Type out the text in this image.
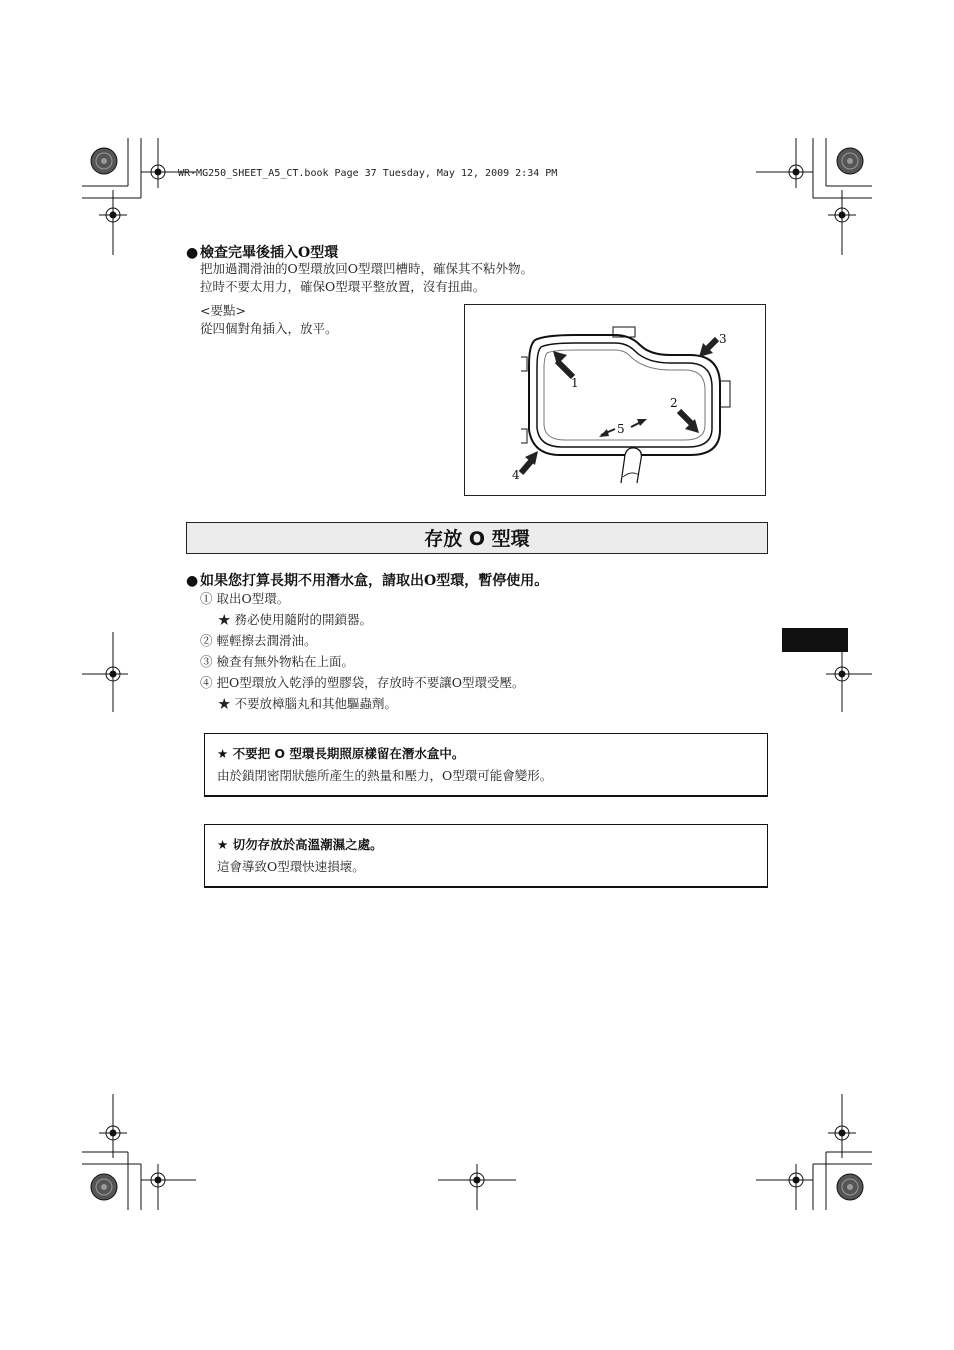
WR-MG250_SHEET_A5_CT.book Page 37 Tuesday, May 12, 2009 2:34 PM
● 檢查完畢後插入O型環
把加過潤滑油的O型環放回O型環凹槽時，確保其不粘外物。
拉時不要太用力，確保O型環平整放置，沒有扭曲。
<要點>
從四個對角插入，放平。
1
2
3
4
5
存放 O 型環
● 如果您打算長期不用潛水盒，請取出O型環，暫停使用。
① 取出O型環。
★ 務必使用隨附的開鎖器。
② 輕輕擦去潤滑油。
③ 檢查有無外物粘在上面。
④ 把O型環放入乾淨的塑膠袋，存放時不要讓O型環受壓。
★ 不要放樟腦丸和其他驅蟲劑。
★ 不要把 O 型環長期照原樣留在潛水盒中。
由於鎖閉密閉狀態所產生的熱量和壓力，O型環可能會變形。
★ 切勿存放於高溫潮濕之處。
這會導致O型環快速損壞。
